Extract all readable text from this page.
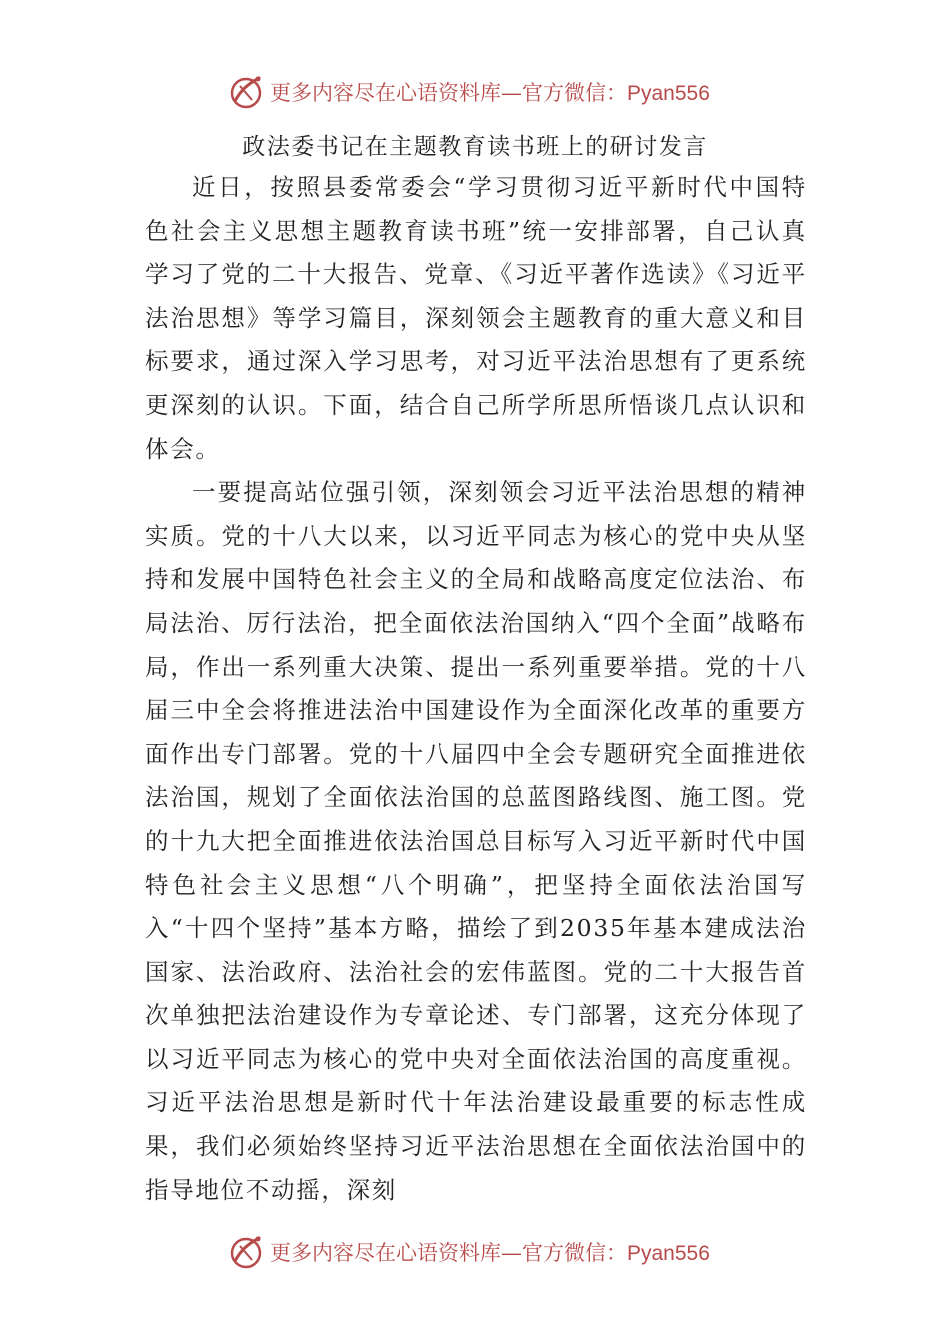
更多内容尽在心语资料库—官方微信：Pyan556
政法委书记在主题教育读书班上的研讨发言

近日，按照县委常委会“学习贯彻习近平新时代中国特色社会主义思想主题教育读书班”统一安排部署，自己认真学习了党的二十大报告、党章、《习近平著作选读》《习近平法治思想》等学习篇目，深刻领会主题教育的重大意义和目标要求，通过深入学习思考，对习近平法治思想有了更系统更深刻的认识。下面，结合自己所学所思所悟谈几点认识和体会。

一要提高站位强引领，深刻领会习近平法治思想的精神实质。党的十八大以来，以习近平同志为核心的党中央从坚持和发展中国特色社会主义的全局和战略高度定位法治、布局法治、厉行法治，把全面依法治国纳入“四个全面”战略布局，作出一系列重大决策、提出一系列重要举措。党的十八届三中全会将推进法治中国建设作为全面深化改革的重要方面作出专门部署。党的十八届四中全会专题研究全面推进依法治国，规划了全面依法治国的总蓝图路线图、施工图。党的十九大把全面推进依法治国总目标写入习近平新时代中国特色社会主义思想“八个明确”，把坚持全面依法治国写入“十四个坚持”基本方略，描绘了到2035年基本建成法治国家、法治政府、法治社会的宏伟蓝图。党的二十大报告首次单独把法治建设作为专章论述、专门部署，这充分体现了以习近平同志为核心的党中央对全面依法治国的高度重视。习近平法治思想是新时代十年法治建设最重要的标志性成果，我们必须始终坚持习近平法治思想在全面依法治国中的指导地位不动摇，深刻

更多内容尽在心语资料库—官方微信：Pyan556
